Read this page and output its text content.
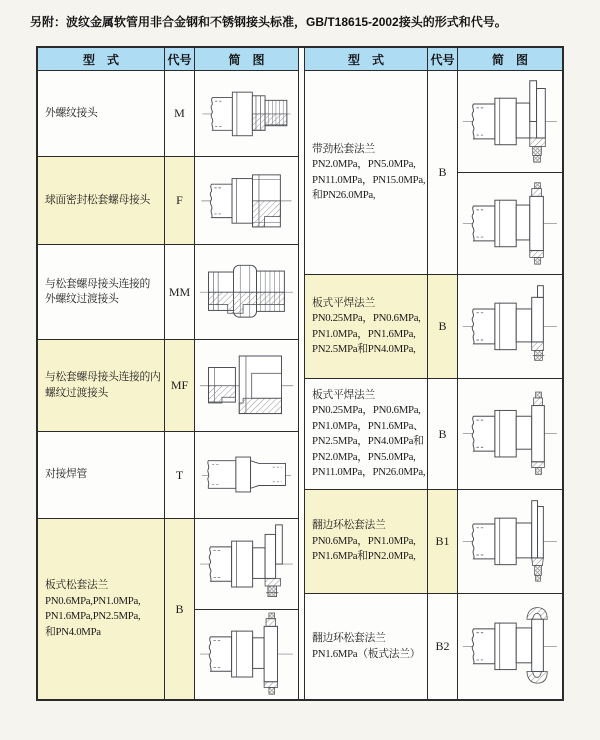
另附：波纹金属软管用非合金钢和不锈钢接头标准，GB/T18615-2002接头的形式和代号。
型　式	代号	简　图
外螺纹接头	M
球面密封松套螺母接头	F
与松套螺母接头连接的
外螺纹过渡接头
MM
与松套螺母接头连接的内
螺纹过渡接头
MF
对接焊管	T
板式松套法兰
PN0.6MPa,PN1.0MPa,
PN1.6MPa,PN2.5MPa,
和PN4.0MPa
B
型　式	代号	简　图
带劲松套法兰
PN2.0MPa，PN5.0MPa,
PN11.0MPa，PN15.0MPa,
和PN26.0MPa,
B
板式平焊法兰
PN0.25MPa，PN0.6MPa,
PN1.0MPa，PN1.6MPa,
PN2.5MPa和PN4.0MPa,
B
板式平焊法兰
PN0.25MPa，PN0.6MPa,
PN1.0MPa，PN1.6MPa、
PN2.5MPa，PN4.0MPa和
PN2.0MPa，PN5.0MPa,
PN11.0MPa，PN26.0MPa,
B
翻边环松套法兰
PN0.6MPa，PN1.0MPa,
PN1.6MPa和PN2.0MPa,
B1
翻边环松套法兰
PN1.6MPa（板式法兰）
B2
